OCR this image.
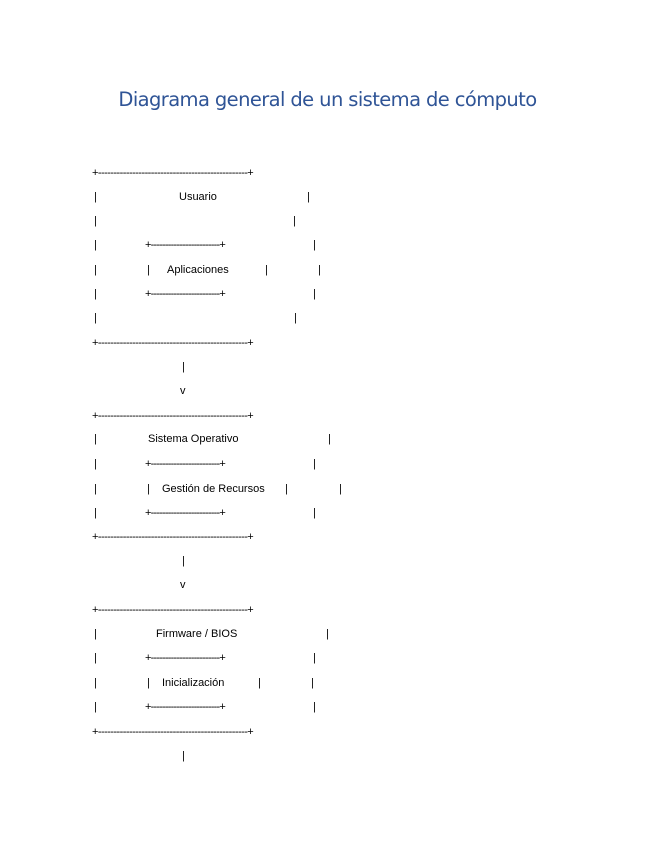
Diagrama general de un sistema de cómputo
+------------------------------------------------+
|	Usuario	|
|	|
|	+------------------------+	|
|	| Aplicaciones	|	|
|	+------------------------+	|
|	|
+------------------------------------------------+
|
v
+------------------------------------------------+
|	Sistema Operativo	|
|	+------------------------+	|
|	| Gestión de Recursos |	|
|	+------------------------+	|
+------------------------------------------------+
|
v
+------------------------------------------------+
|	Firmware / BIOS	|
|	+------------------------+	|
|	| Inicialización	|	|
|	+------------------------+	|
+------------------------------------------------+
|
